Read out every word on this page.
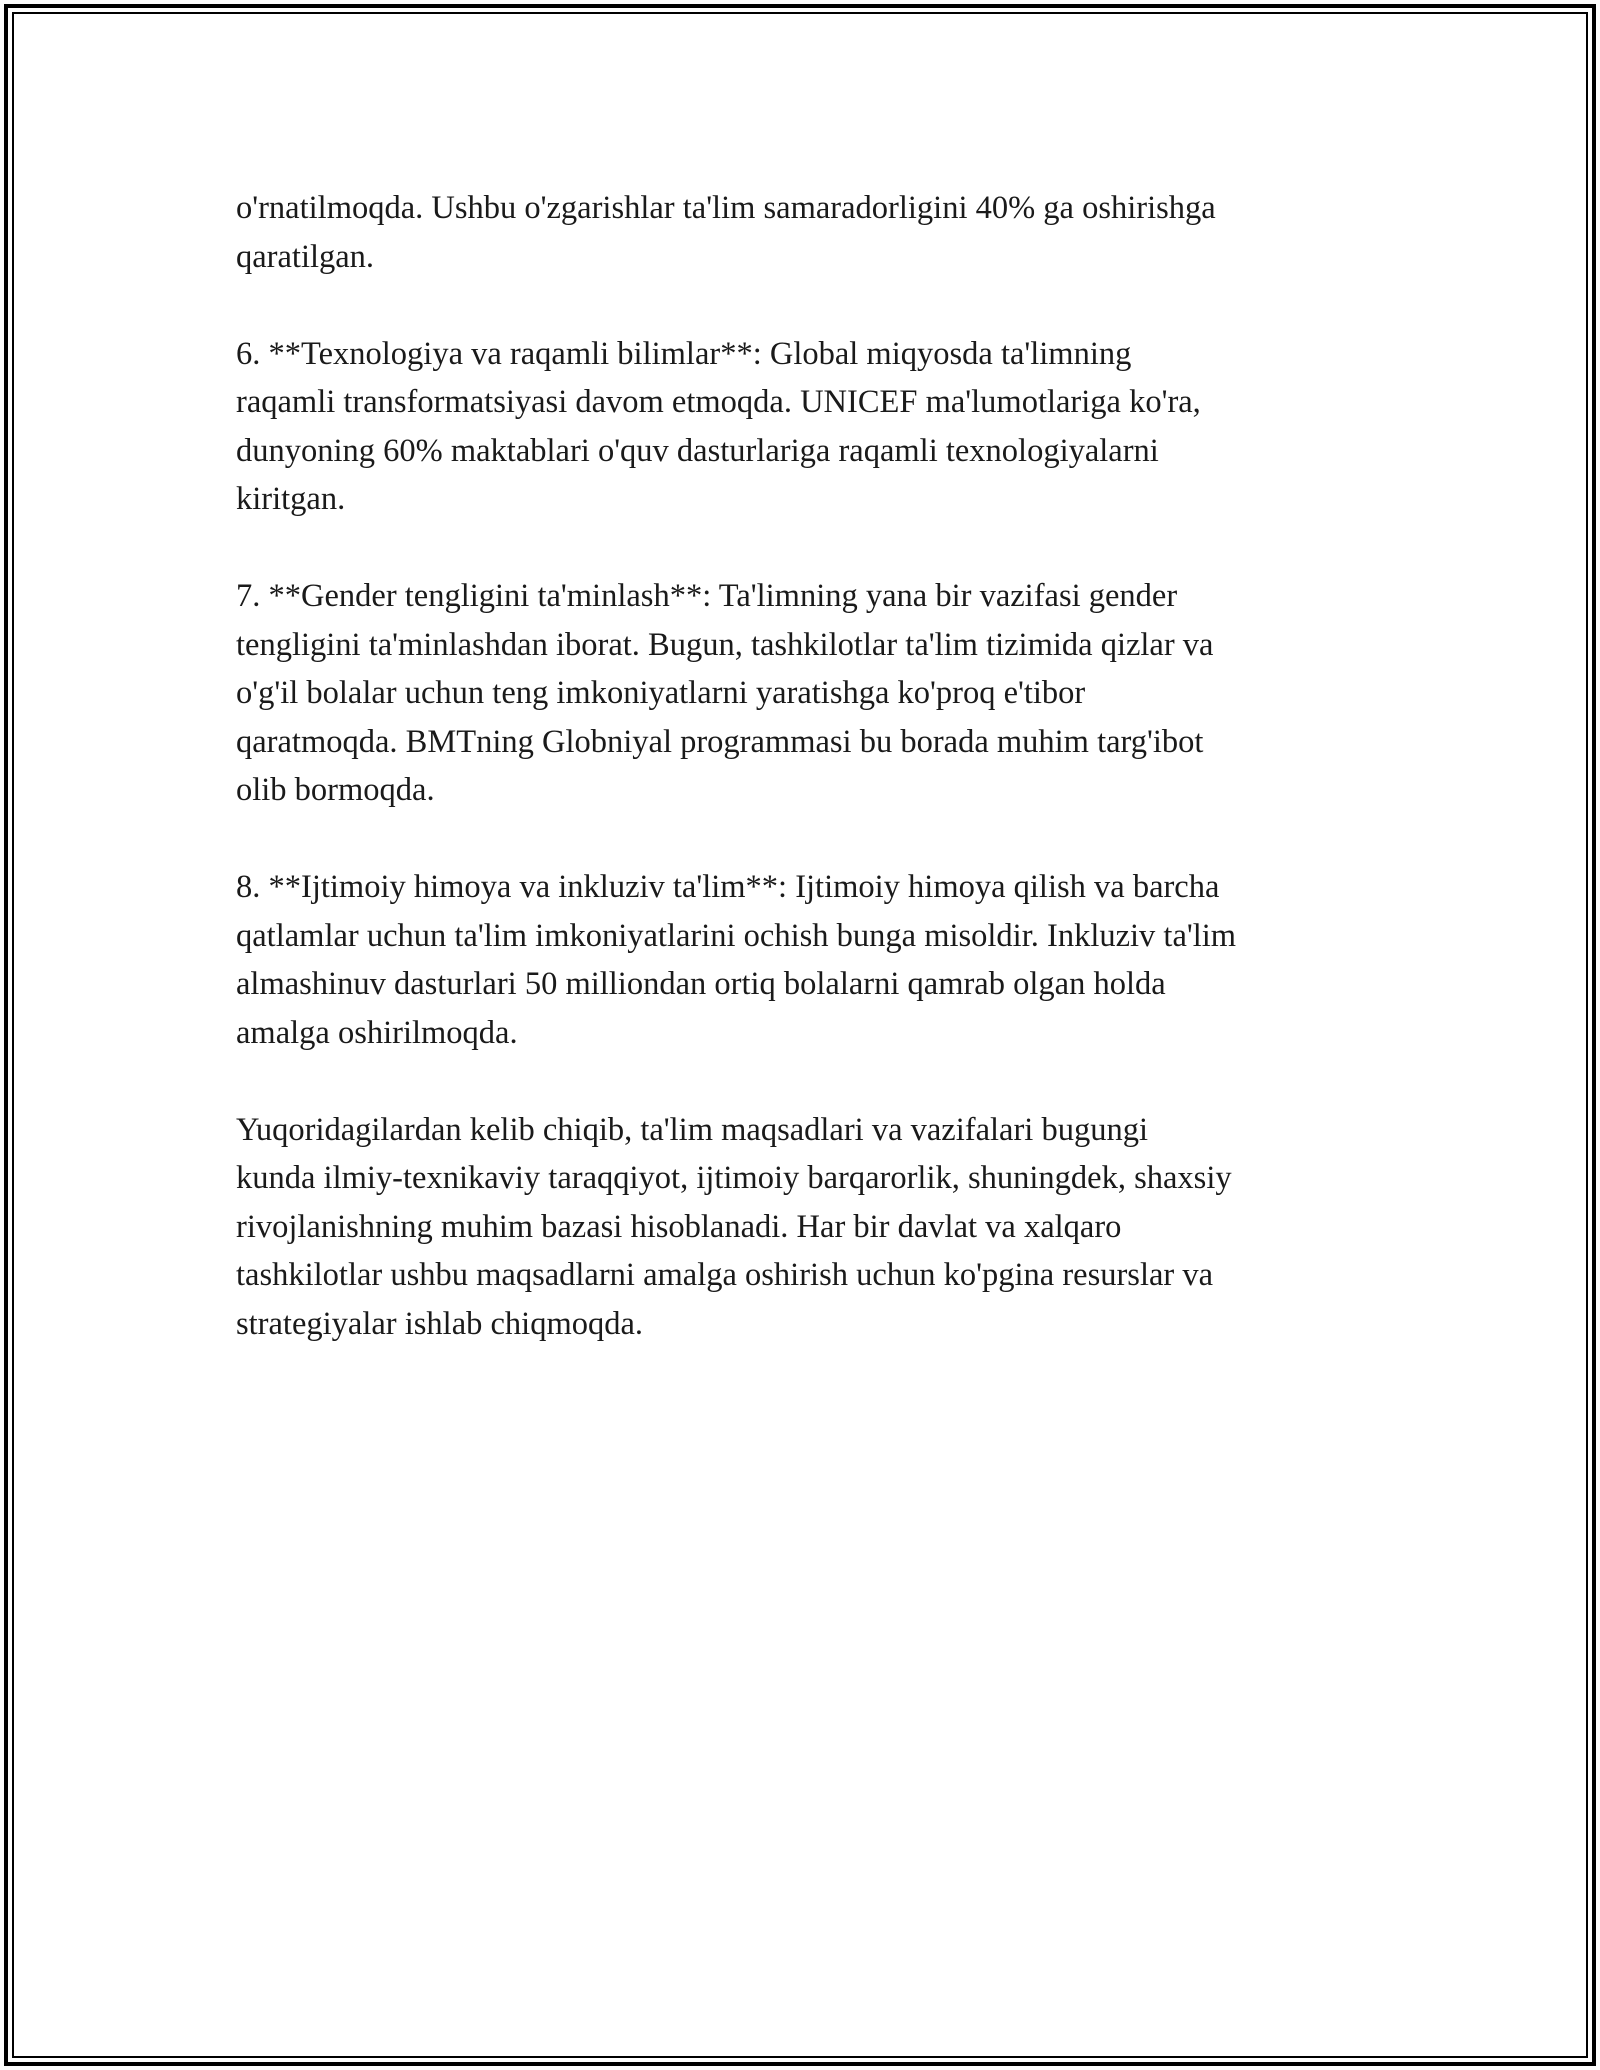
o'rnatilmoqda. Ushbu o'zgarishlar ta'lim samaradorligini 40% ga oshirishga
qaratilgan.

6. **Texnologiya va raqamli bilimlar**: Global miqyosda ta'limning
raqamli transformatsiyasi davom etmoqda. UNICEF ma'lumotlariga ko'ra,
dunyoning 60% maktablari o'quv dasturlariga raqamli texnologiyalarni
kiritgan.

7. **Gender tengligini ta'minlash**: Ta'limning yana bir vazifasi gender
tengligini ta'minlashdan iborat. Bugun, tashkilotlar ta'lim tizimida qizlar va
o'g'il bolalar uchun teng imkoniyatlarni yaratishga ko'proq e'tibor
qaratmoqda. BMTning Globniyal programmasi bu borada muhim targ'ibot
olib bormoqda.

8. **Ijtimoiy himoya va inkluziv ta'lim**: Ijtimoiy himoya qilish va barcha
qatlamlar uchun ta'lim imkoniyatlarini ochish bunga misoldir. Inkluziv ta'lim
almashinuv dasturlari 50 milliondan ortiq bolalarni qamrab olgan holda
amalga oshirilmoqda.

Yuqoridagilardan kelib chiqib, ta'lim maqsadlari va vazifalari bugungi
kunda ilmiy-texnikaviy taraqqiyot, ijtimoiy barqarorlik, shuningdek, shaxsiy
rivojlanishning muhim bazasi hisoblanadi. Har bir davlat va xalqaro
tashkilotlar ushbu maqsadlarni amalga oshirish uchun ko'pgina resurslar va
strategiyalar ishlab chiqmoqda.
